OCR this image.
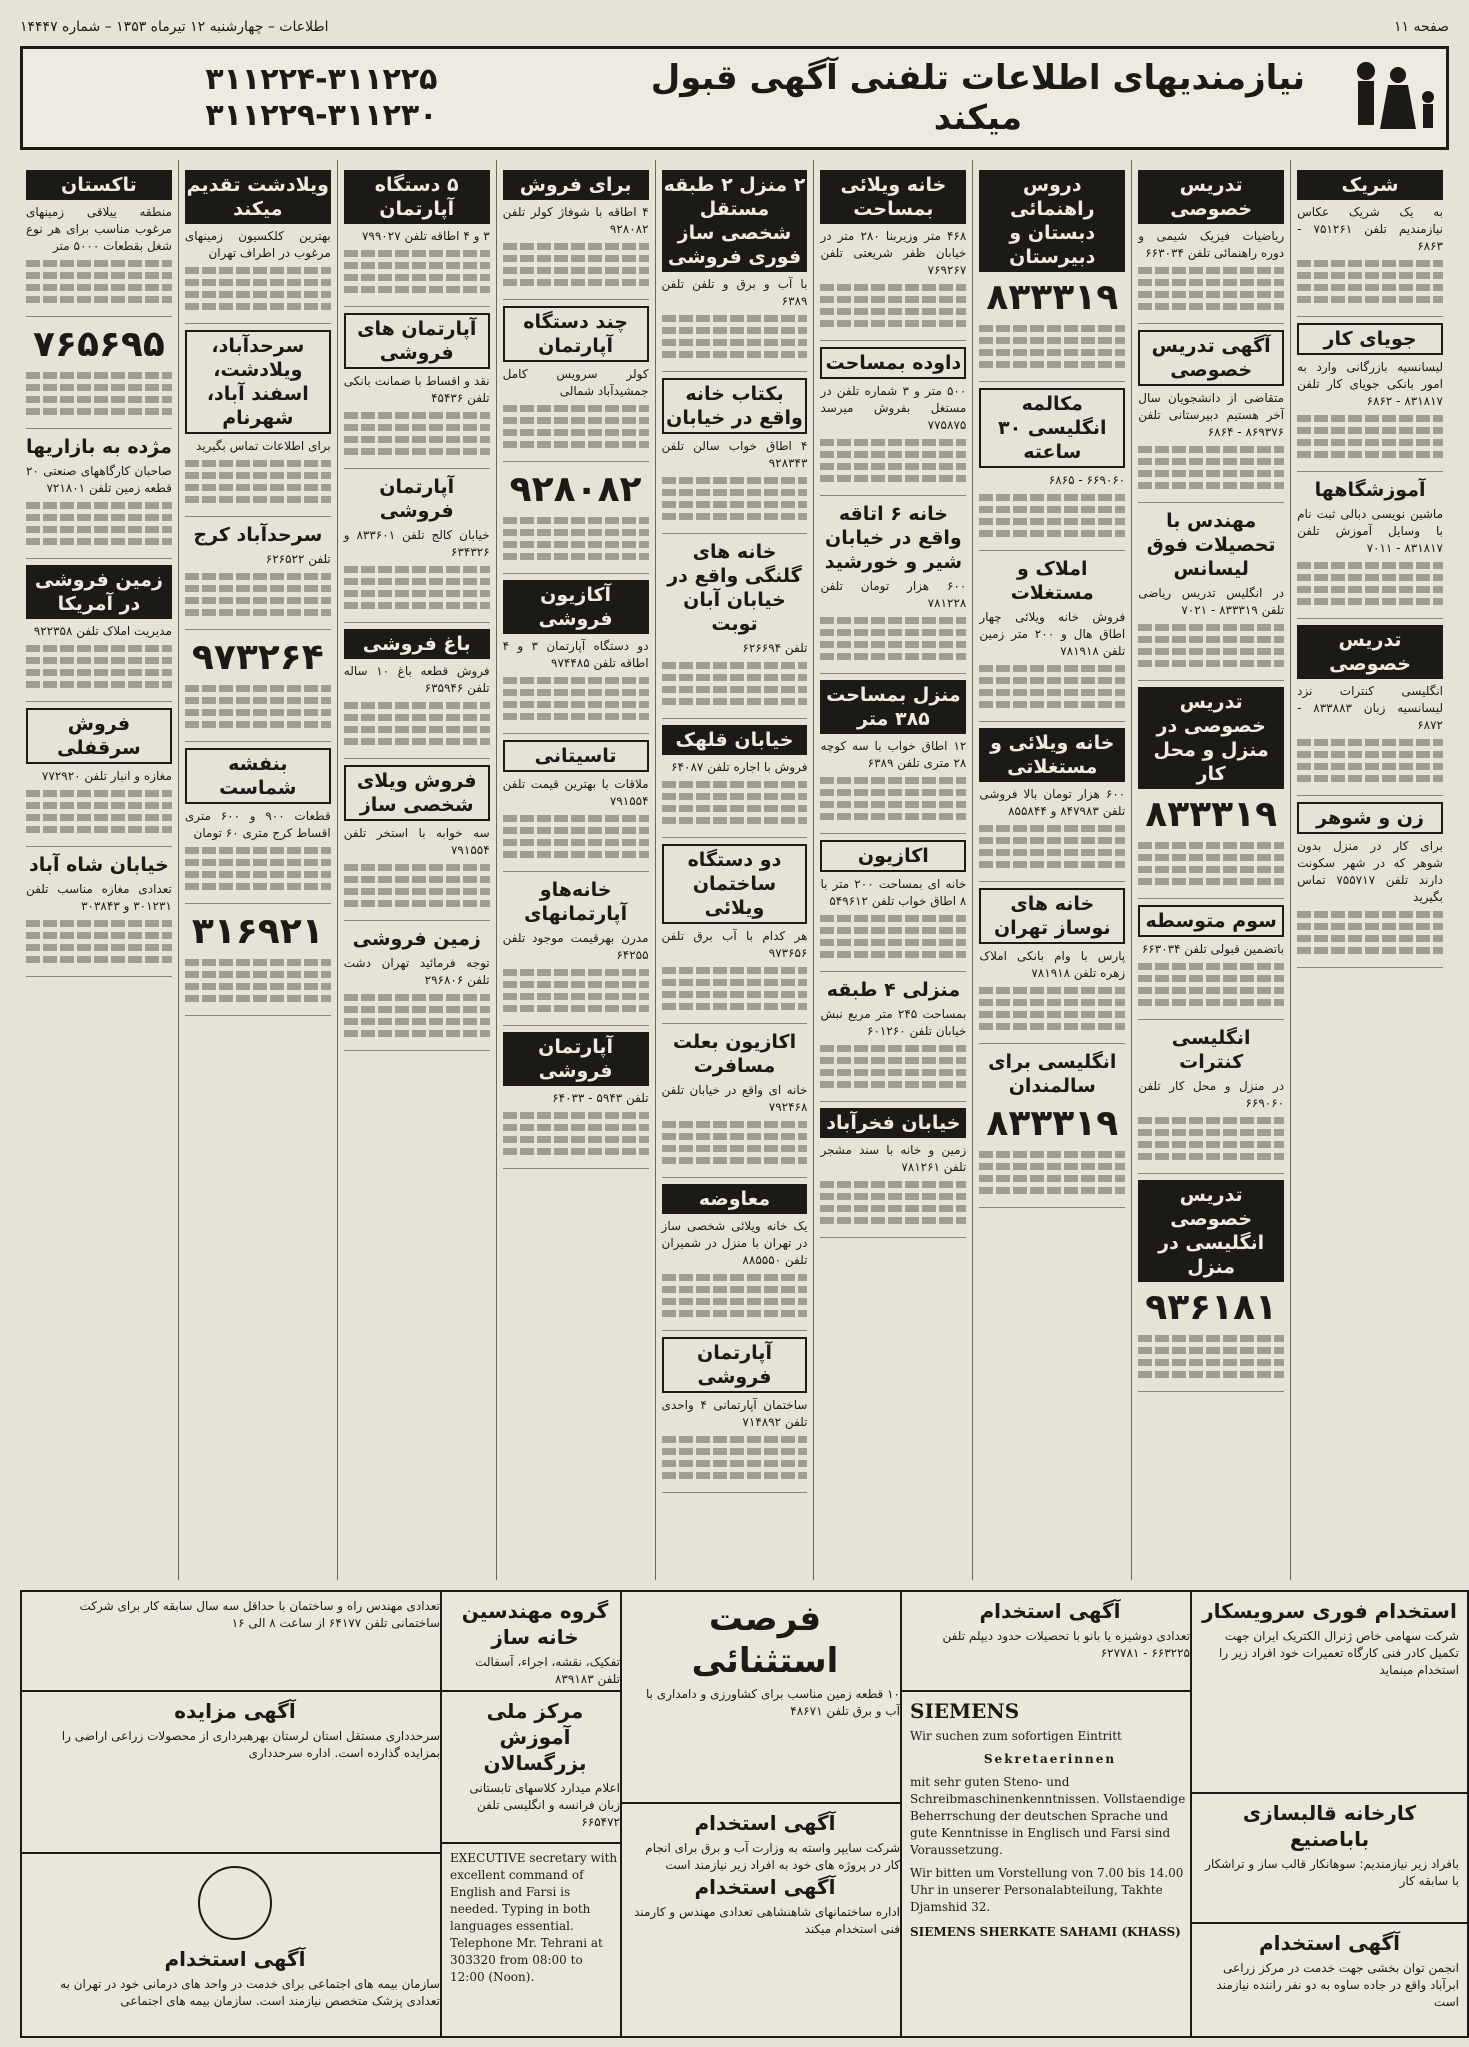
اطلاعات – چهارشنبه ۱۲ تیرماه ۱۳۵۳ – شماره ۱۴۴۴۷	صفحه ۱۱
۳۱۱۲۲۴-۳۱۱۲۲۵
۳۱۱۲۲۹-۳۱۱۲۳۰
نیازمندیهای اطلاعات تلفنی آگهی قبول میکند
شریک
به یک شریک عکاس نیازمندیم تلفن ۷۵۱۲۶۱ ‐ ۶۸۶۳
جویای کار
لیسانسیه بازرگانی وارد به امور بانکی جویای کار تلفن ۸۳۱۸۱۷ ‐ ۶۸۶۲
آموزشگاهها
ماشین نویسی دبالی ثبت نام با وسایل آموزش تلفن ۸۳۱۸۱۷ ‐ ۷۰۱۱
تدریس خصوصی
انگلیسی کنترات نزد لیسانسیه زبان ۸۳۳۸۸۳ ‐ ۶۸۷۲
زن و شوهر
برای کار در منزل بدون شوهر که در شهر سکونت دارند تلفن ۷۵۵۷۱۷ تماس بگیرید
تدریس خصوصی
ریاضیات فیزیک شیمی و دوره راهنمائی تلفن ۶۶۳۰۳۴
آگهی تدریس خصوصی
متقاضی از دانشجویان سال آخر هستیم دبیرستانی تلفن ۸۶۹۳۷۶ ‐ ۶۸۶۴
مهندس با تحصیلات فوق لیسانس
در انگلیس تدریس ریاضی تلفن ۸۳۳۳۱۹ ‐ ۷۰۲۱
تدریس خصوصی در منزل و محل کار
۸۳۳۳۱۹
سوم متوسطه
باتضمین قبولی تلفن ۶۶۳۰۳۴
انگلیسی کنترات
در منزل و محل کار تلفن ۶۶۹۰۶۰
تدریس خصوصی انگلیسی در منزل
۹۳۶۱۸۱
دروس راهنمائی دبستان و دبیرستان
۸۳۳۳۱۹
مکالمه انگلیسی ۳۰ ساعته
۶۶۹۰۶۰ ‐ ۶۸۶۵
املاک و مستغلات
فروش خانه ویلائی چهار اطاق هال و ۲۰۰ متر زمین تلفن ۷۸۱۹۱۸
خانه ویلائی و مستغلاتی
۶۰۰ هزار تومان بالا فروشی تلفن ۸۴۷۹۸۳ و ۸۵۵۸۴۴
خانه های نوساز تهران
پارس با وام بانکی املاک زهره تلفن ۷۸۱۹۱۸
انگلیسی برای سالمندان
۸۳۳۳۱۹
خانه ویلائی بمساحت
۴۶۸ متر وزیربنا ۲۸۰ متر در خیابان ظفر شریعتی تلفن ۷۶۹۲۶۷
داوده بمساحت
۵۰۰ متر و ۳ شماره تلفن در مستغل بفروش میرسد ۷۷۵۸۷۵
خانه ۶ اتاقه واقع در خیابان شیر و خورشید
۶۰۰ هزار تومان تلفن ۷۸۱۲۲۸
منزل بمساحت ۳۸۵ متر
۱۲ اطاق خواب با سه کوچه ۲۸ متری تلفن ۶۳۸۹
اکازیون
خانه ای بمساحت ۲۰۰ متر با ۸ اطاق خواب تلفن ۵۴۹۶۱۲
منزلی ۴ طبقه
بمساحت ۲۴۵ متر مربع نبش خیابان تلفن ۶۰۱۲۶۰
خیابان فخرآباد
زمین و خانه با سند مشجر تلفن ۷۸۱۲۶۱
۲ منزل ۲ طبقه مستقل شخصی ساز فوری فروشی
با آب و برق و تلفن تلفن ۶۳۸۹
بکتاب خانه واقع در خیابان
۴ اطاق خواب سالن تلفن ۹۲۸۳۴۳
خانه های گلنگی واقع در خیابان آبان توبت
تلفن ۶۲۶۶۹۴
خیابان قلهک
فروش با اجاره تلفن ۶۴۰۸۷
دو دستگاه ساختمان ویلائی
هر کدام با آب برق تلفن ۹۷۳۶۵۶
اکازیون بعلت مسافرت
خانه ای واقع در خیابان تلفن ۷۹۲۴۶۸
معاوضه
یک خانه ویلائی شخصی ساز در تهران با منزل در شمیران تلفن ۸۸۵۵۵۰
آپارتمان فروشی
ساختمان آپارتمانی ۴ واحدی تلفن ۷۱۴۸۹۲
برای فروش
۴ اطاقه با شوفاژ کولر تلفن ۹۲۸۰۸۲
چند دستگاه آپارتمان
کولر سرویس کامل جمشیدآباد شمالی
۹۲۸۰۸۲
آکازیون فروشی
دو دستگاه آپارتمان ۳ و ۴ اطاقه تلفن ۹۷۴۴۸۵
تاسیتانی
ملاقات با بهترین قیمت تلفن ۷۹۱۵۵۴
خانه‌هاو آپارتمانهای
مدرن بهرقیمت موجود تلفن ۶۴۲۵۵
آپارتمان فروشی
تلفن ۵۹۴۳ ‐ ۶۴۰۳۳
۵ دستگاه آپارتمان
۳ و ۴ اطاقه تلفن ۷۹۹۰۲۷
آپارتمان های فروشی
نقد و اقساط با ضمانت بانکی تلفن ۴۵۴۳۶
آپارتمان فروشی
خیابان کالج تلفن ۸۳۳۶۰۱ و ۶۳۴۳۲۶
باغ فروشی
فروش قطعه باغ ۱۰ ساله تلفن ۶۳۵۹۴۶
فروش ویلای شخصی ساز
سه خوابه با استخر تلفن ۷۹۱۵۵۴
زمین فروشی
توجه فرمائید تهران دشت تلفن ۲۹۶۸۰۶
ویلادشت تقدیم میکند
بهترین کلکسیون زمینهای مرغوب در اطراف تهران
سرحدآباد، ویلادشت، اسفند آباد، شهرنام
برای اطلاعات تماس بگیرید
سرحدآباد کرج
تلفن ۶۲۶۵۲۲
۹۷۳۲۶۴
بنفشه شماست
قطعات ۹۰۰ و ۶۰۰ متری اقساط کرج متری ۶۰ تومان
۳۱۶۹۲۱
تاکستان
منطقه ییلاقی زمینهای مرغوب مناسب برای هر نوع شغل بقطعات ۵۰۰۰ متر
۷۶۵۶۹۵
مژده به بازاریها
صاحبان کارگاههای صنعتی ۲۰ قطعه زمین تلفن ۷۲۱۸۰۱
زمین فروشی در آمریکا
مدیریت املاک تلفن ۹۲۲۳۵۸
فروش سرقفلی
مغازه و انبار تلفن ۷۷۲۹۲۰
خیابان شاه آباد
تعدادی مغازه مناسب تلفن ۳۰۱۲۳۱ و ۳۰۳۸۴۳
تعدادی مهندس راه و ساختمان با حداقل سه سال سابقه کار برای شرکت ساختمانی تلفن ۶۴۱۷۷ از ساعت ۸ الی ۱۶
آگهی مزایده
سرحدداری مستقل استان لرستان بهرهبرداری از محصولات زراعی اراضی را بمزایده گذارده است. اداره سرحدداری
آگهی استخدام
سازمان بیمه های اجتماعی برای خدمت در واحد های درمانی خود در تهران به تعدادی پزشک متخصص نیازمند است. سازمان بیمه های اجتماعی
گروه مهندسین خانه ساز
تفکیک، نقشه، اجراء، آسفالت تلفن ۸۳۹۱۸۳
مرکز ملی آموزش بزرگسالان
اعلام میدارد کلاسهای تابستانی زبان فرانسه و انگلیسی تلفن ۶۶۵۴۷۲
EXECUTIVE secretary with excellent command of English and Farsi is needed. Typing in both languages essential. Telephone Mr. Tehrani at 303320 from 08:00 to 12:00 (Noon).
فرصت استثنائی
۱۰ قطعه زمین مناسب برای کشاورزی و دامداری با آب و برق تلفن ۴۸۶۷۱
آگهی استخدام
شرکت سایپر واسته به وزارت آب و برق برای انجام کار در پروژه های خود به افراد زیر نیازمند است
آگهی استخدام
اداره ساختمانهای شاهنشاهی تعدادی مهندس و کارمند فنی استخدام میکند
آگهی استخدام
تعدادی دوشیزه یا بانو با تحصیلات حدود دیپلم تلفن ۶۶۳۲۲۵ ‐ ۶۲۷۷۸۱
SIEMENS
Wir suchen zum sofortigen Eintritt
Sekretaerinnen
mit sehr guten Steno- und Schreibmaschinenkenntnissen. Vollstaendige Beherrschung der deutschen Sprache und gute Kenntnisse in Englisch und Farsi sind Voraussetzung.
Wir bitten um Vorstellung von 7.00 bis 14.00 Uhr in unserer Personalabteilung, Takhte Djamshid 32.
SIEMENS SHERKATE SAHAMI (KHASS)
استخدام فوری سرویسکار
شرکت سهامی خاص ژنرال الکتریک ایران جهت تکمیل کادر فنی کارگاه تعمیرات خود افراد زیر را استخدام مینماید
کارخانه قالبسازی باباصنیع
بافراد زیر نیازمندیم: سوهانکار قالب ساز و تراشکار با سابقه کار
آگهی استخدام
انجمن توان بخشی جهت خدمت در مرکز زراعی ابرآباد واقع در جاده ساوه به دو نفر راننده نیازمند است
